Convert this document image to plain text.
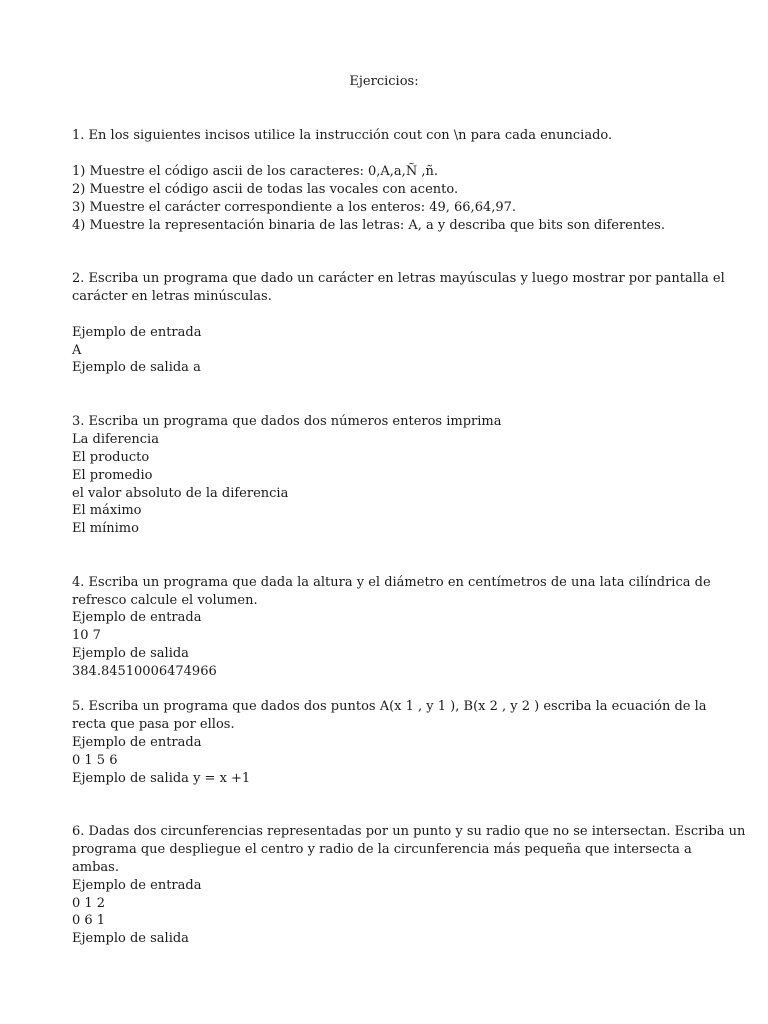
Ejercicios:
1. En los siguientes incisos utilice la instrucción cout con \n para cada enunciado.
1) Muestre el código ascii de los caracteres: 0,A,a,Ñ ,ñ.
2) Muestre el código ascii de todas las vocales con acento.
3) Muestre el carácter correspondiente a los enteros: 49, 66,64,97.
4) Muestre la representación binaria de las letras: A, a y describa que bits son diferentes.
2. Escriba un programa que dado un carácter en letras mayúsculas y luego mostrar por pantalla el
carácter en letras minúsculas.
Ejemplo de entrada
A
Ejemplo de salida a
3. Escriba un programa que dados dos números enteros imprima
La diferencia
El producto
El promedio
el valor absoluto de la diferencia
El máximo
El mínimo
4. Escriba un programa que dada la altura y el diámetro en centímetros de una lata cilíndrica de
refresco calcule el volumen.
Ejemplo de entrada
10 7
Ejemplo de salida
384.84510006474966
5. Escriba un programa que dados dos puntos A(x 1 , y 1 ), B(x 2 , y 2 ) escriba la ecuación de la
recta que pasa por ellos.
Ejemplo de entrada
0 1 5 6
Ejemplo de salida y = x +1
6. Dadas dos circunferencias representadas por un punto y su radio que no se intersectan. Escriba un
programa que despliegue el centro y radio de la circunferencia más pequeña que intersecta a
ambas.
Ejemplo de entrada
0 1 2
0 6 1
Ejemplo de salida
